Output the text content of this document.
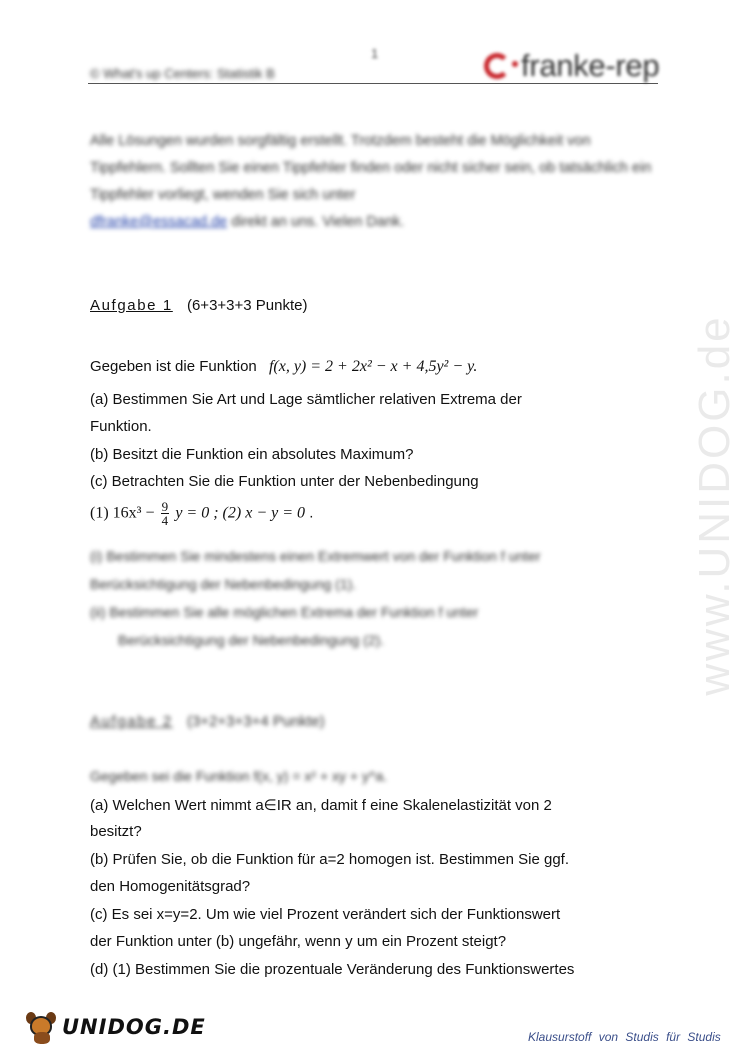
1
© What's up Centers: Statistik B	franke-rep
Alle Lösungen wurden sorgfältig erstellt. Trotzdem besteht die Möglichkeit von Tippfehlern. Sollten Sie einen Tippfehler finden oder nicht sicher sein, ob tatsächlich ein Tippfehler vorliegt, wenden Sie sich unter
dfranke@essacad.de direkt an uns. Vielen Dank.
Aufgabe 1 (6+3+3+3 Punkte)
Gegeben ist die Funktion f(x, y) = 2 + 2x² − x + 4,5y² − y.
(a) Bestimmen Sie Art und Lage sämtlicher relativen Extrema der
Funktion.
(b) Besitzt die Funktion ein absolutes Maximum?
(c) Betrachten Sie die Funktion unter der Nebenbedingung
(1) $16x^3 - \frac{9}{4}$ y = 0 ; (2) x − y = 0 .
(i) Bestimmen Sie mindestens einen Extremwert von der Funktion f unter
Berücksichtigung der Nebenbedingung (1).
(ii) Bestimmen Sie alle möglichen Extrema der Funktion f unter
Berücksichtigung der Nebenbedingung (2).
Aufgabe 2 (3+2+3+3+4 Punkte)
Gegeben sei die Funktion f(x, y) = x² + xy + y^a.
(a) Welchen Wert nimmt a∈IR an, damit f eine Skalenelastizität von 2
besitzt?
(b) Prüfen Sie, ob die Funktion für a=2 homogen ist. Bestimmen Sie ggf.
den Homogenitätsgrad?
(c) Es sei x=y=2. Um wie viel Prozent verändert sich der Funktionswert
der Funktion unter (b) ungefähr, wenn y um ein Prozent steigt?
(d) (1) Bestimmen Sie die prozentuale Veränderung des Funktionswertes
www.UNIDOG.de
UNIDOG.DE	Klausurstoff von Studis für Studis
